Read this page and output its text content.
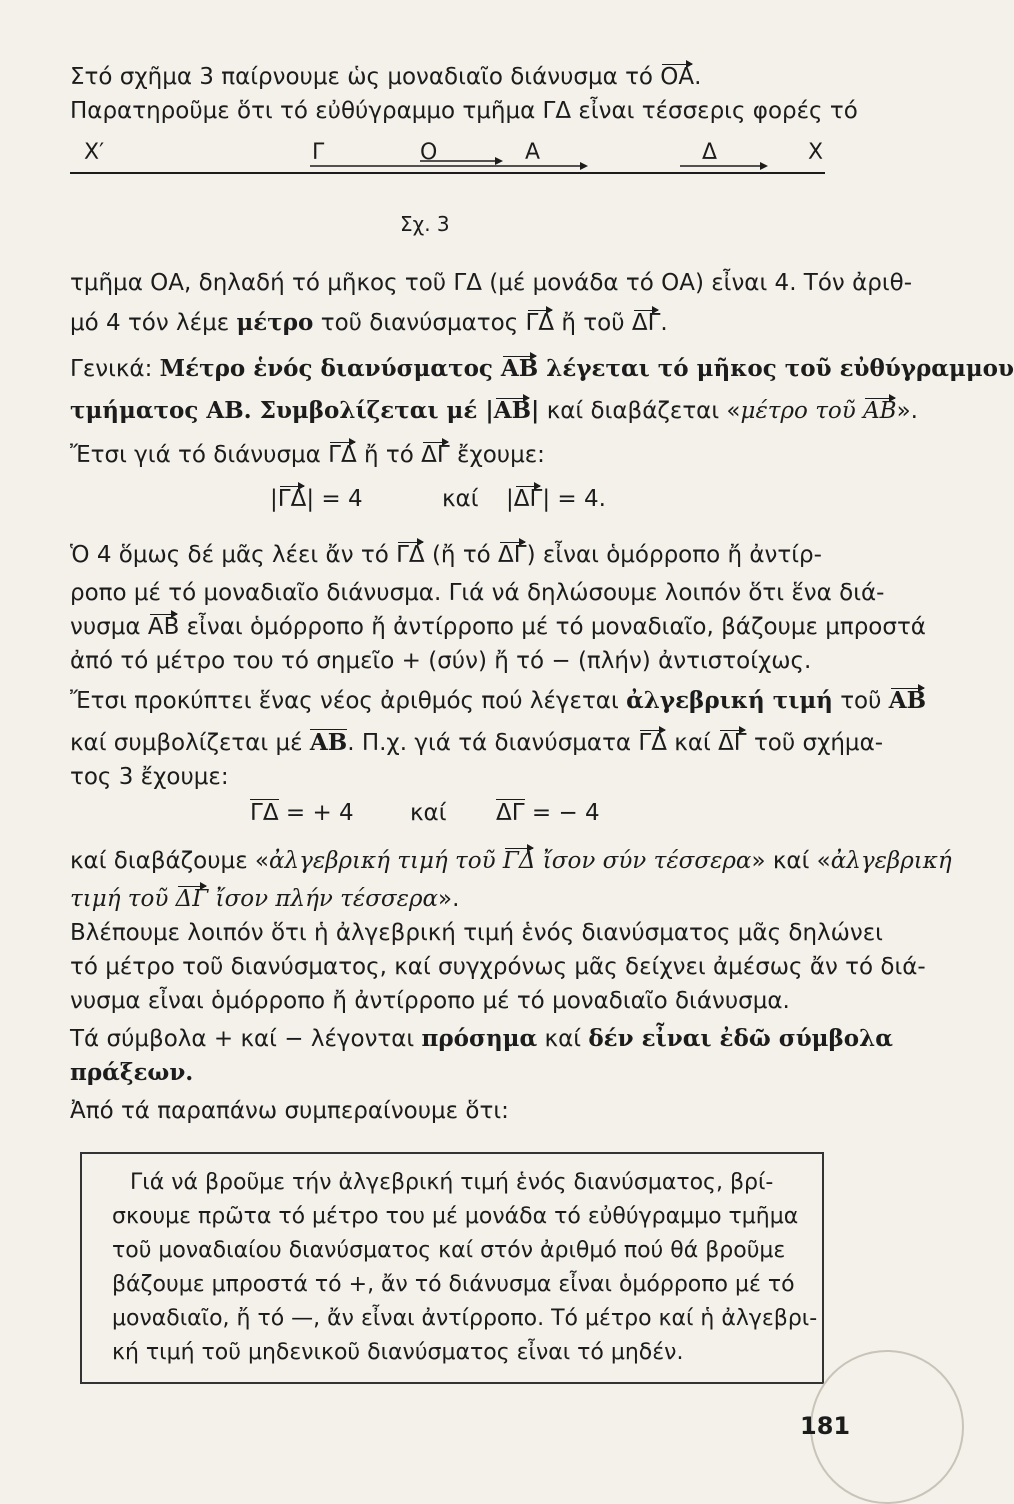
Στό σχῆμα 3 παίρνουμε ὡς μοναδιαῖο διάνυσμα τό ΟΑ.
Παρατηροῦμε ὅτι τό εὐθύγραμμο τμῆμα ΓΔ εἶναι τέσσερις φορές τό
Χ′	Γ	Ο	Α	Δ	Χ
Σχ. 3
τμῆμα ΟΑ, δηλαδή τό μῆκος τοῦ ΓΔ (μέ μονάδα τό ΟΑ) εἶναι 4. Τόν ἀριθ-
μό 4 τόν λέμε μέτρο τοῦ διανύσματος ΓΔ ἤ τοῦ ΔΓ.
Γενικά: Μέτρο ἑνός διανύσματος ΑΒ λέγεται τό μῆκος τοῦ εὐθύγραμμου
τμήματος ΑΒ. Συμβολίζεται μέ |ΑΒ| καί διαβάζεται «μέτρο τοῦ ΑΒ».
Ἔτσι γιά τό διάνυσμα ΓΔ ἤ τό ΔΓ ἔχουμε:
|ΓΔ| = 4	καί |ΔΓ| = 4.
Ὁ 4 ὅμως δέ μᾶς λέει ἄν τό ΓΔ (ἤ τό ΔΓ) εἶναι ὁμόρροπο ἤ ἀντίρ-
ροπο μέ τό μοναδιαῖο διάνυσμα. Γιά νά δηλώσουμε λοιπόν ὅτι ἕνα διά-
νυσμα ΑΒ εἶναι ὁμόρροπο ἤ ἀντίρροπο μέ τό μοναδιαῖο, βάζουμε μπροστά
ἀπό τό μέτρο του τό σημεῖο + (σύν) ἤ τό − (πλήν) ἀντιστοίχως.
Ἔτσι προκύπτει ἕνας νέος ἀριθμός πού λέγεται ἀλγεβρική τιμή τοῦ ΑΒ
καί συμβολίζεται μέ ΑΒ. Π.χ. γιά τά διανύσματα ΓΔ καί ΔΓ τοῦ σχήμα-
τος 3 ἔχουμε:
ΓΔ = + 4 καί ΔΓ = − 4
καί διαβάζουμε «ἀλγεβρική τιμή τοῦ ΓΔ ἴσον σύν τέσσερα» καί «ἀλγεβρική
τιμή τοῦ ΔΓ ἴσον πλήν τέσσερα».
Βλέπουμε λοιπόν ὅτι ἡ ἀλγεβρική τιμή ἑνός διανύσματος μᾶς δηλώνει
τό μέτρο τοῦ διανύσματος, καί συγχρόνως μᾶς δείχνει ἀμέσως ἄν τό διά-
νυσμα εἶναι ὁμόρροπο ἤ ἀντίρροπο μέ τό μοναδιαῖο διάνυσμα.
Τά σύμβολα + καί − λέγονται πρόσημα καί δέν εἶναι ἐδῶ σύμβολα
πράξεων.
Ἀπό τά παραπάνω συμπεραίνουμε ὅτι:
Γιά νά βροῦμε τήν ἀλγεβρική τιμή ἑνός διανύσματος, βρί-
σκουμε πρῶτα τό μέτρο του μέ μονάδα τό εὐθύγραμμο τμῆμα
τοῦ μοναδιαίου διανύσματος καί στόν ἀριθμό πού θά βροῦμε
βάζουμε μπροστά τό +, ἄν τό διάνυσμα εἶναι ὁμόρροπο μέ τό
μοναδιαῖο, ἤ τό —, ἄν εἶναι ἀντίρροπο. Τό μέτρο καί ἡ ἀλγεβρι-
κή τιμή τοῦ μηδενικοῦ διανύσματος εἶναι τό μηδέν.
181
